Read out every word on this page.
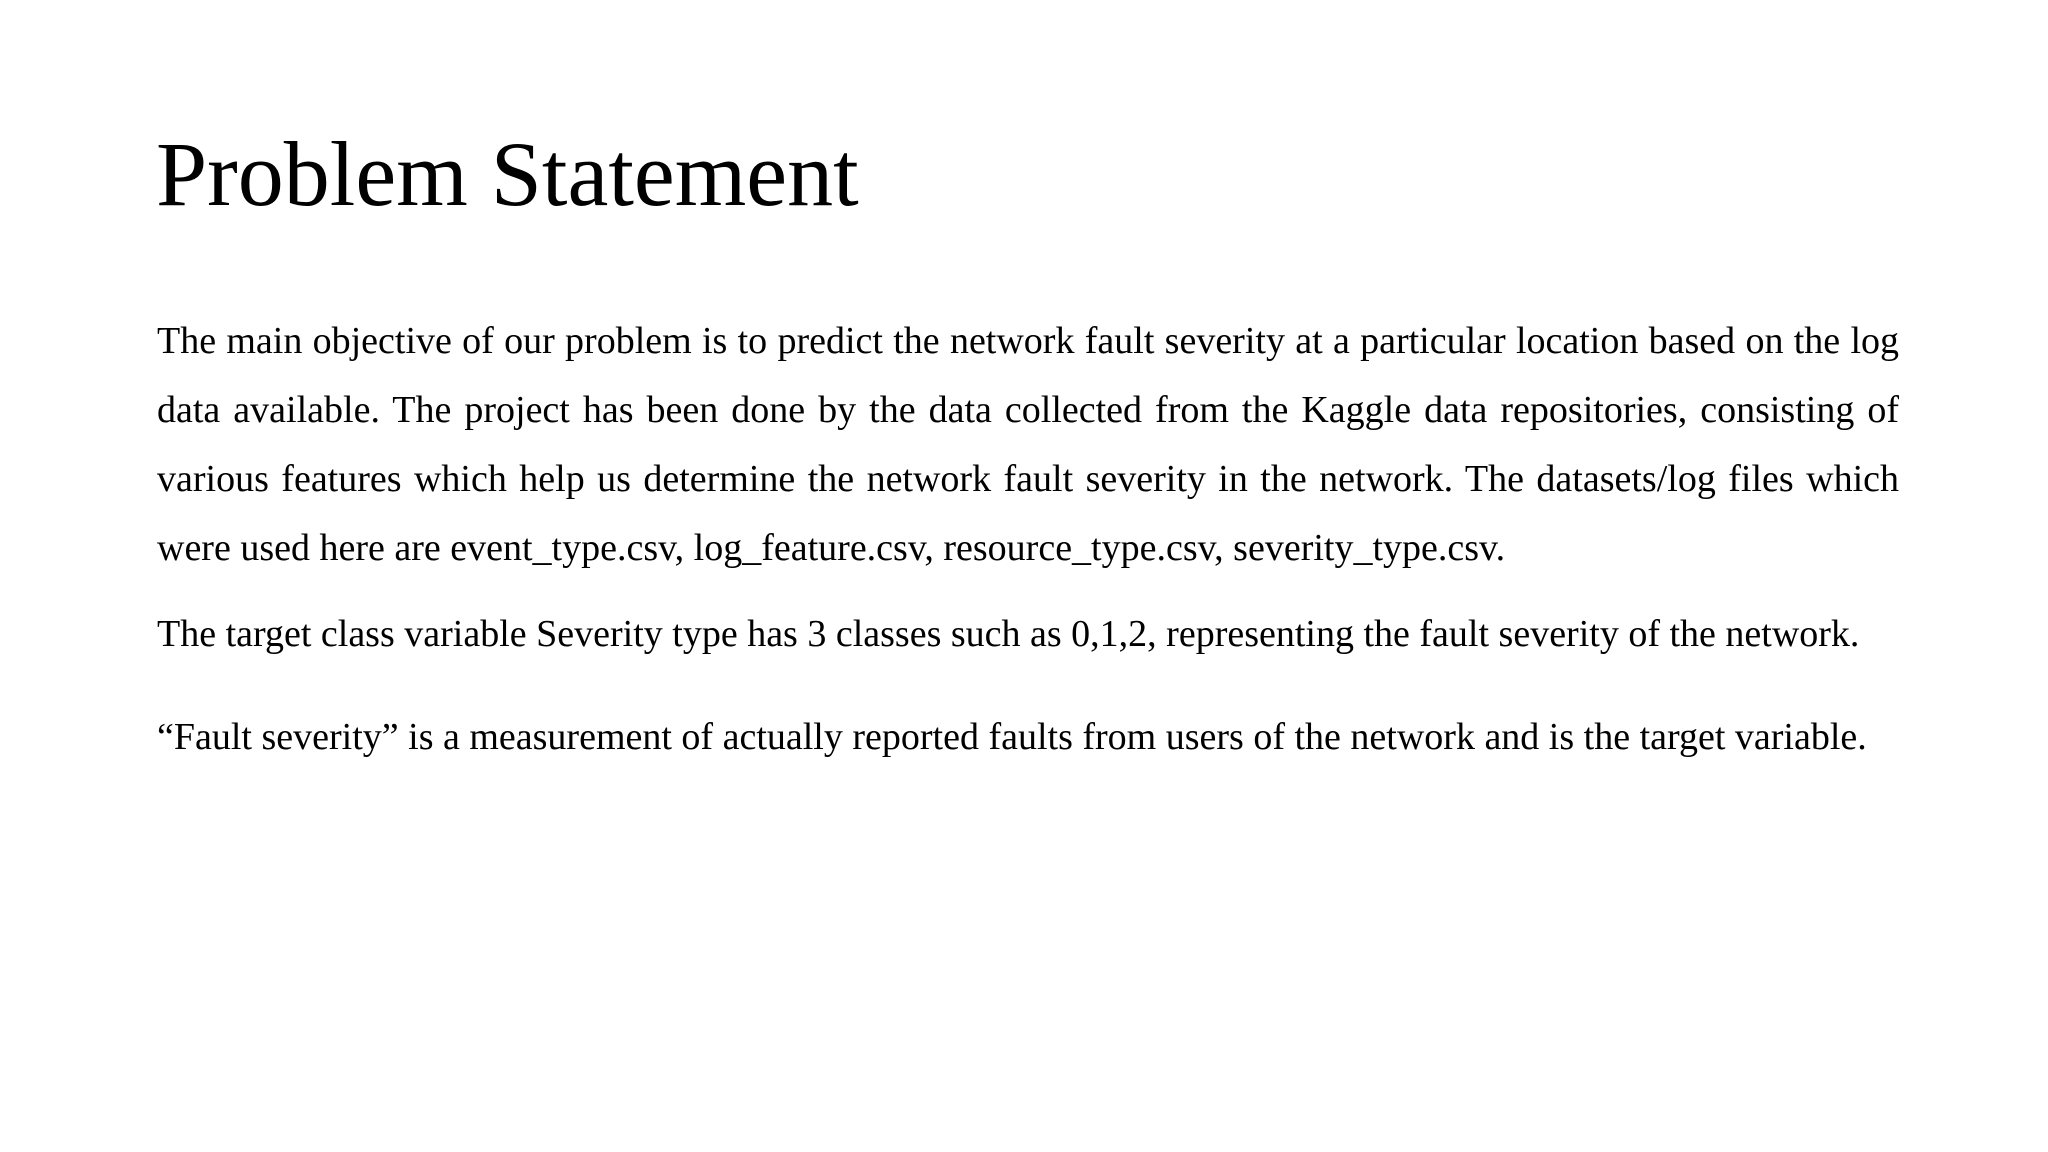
Problem Statement

The main objective of our problem is to predict the network fault severity at a particular location based on the log data available. The project has been done by the data collected from the Kaggle data repositories, consisting of various features which help us determine the network fault severity in the network. The datasets/log files which were used here are event_type.csv, log_feature.csv, resource_type.csv, severity_type.csv.

The target class variable Severity type has 3 classes such as 0,1,2, representing the fault severity of the network.

“Fault severity” is a measurement of actually reported faults from users of the network and is the target variable.
